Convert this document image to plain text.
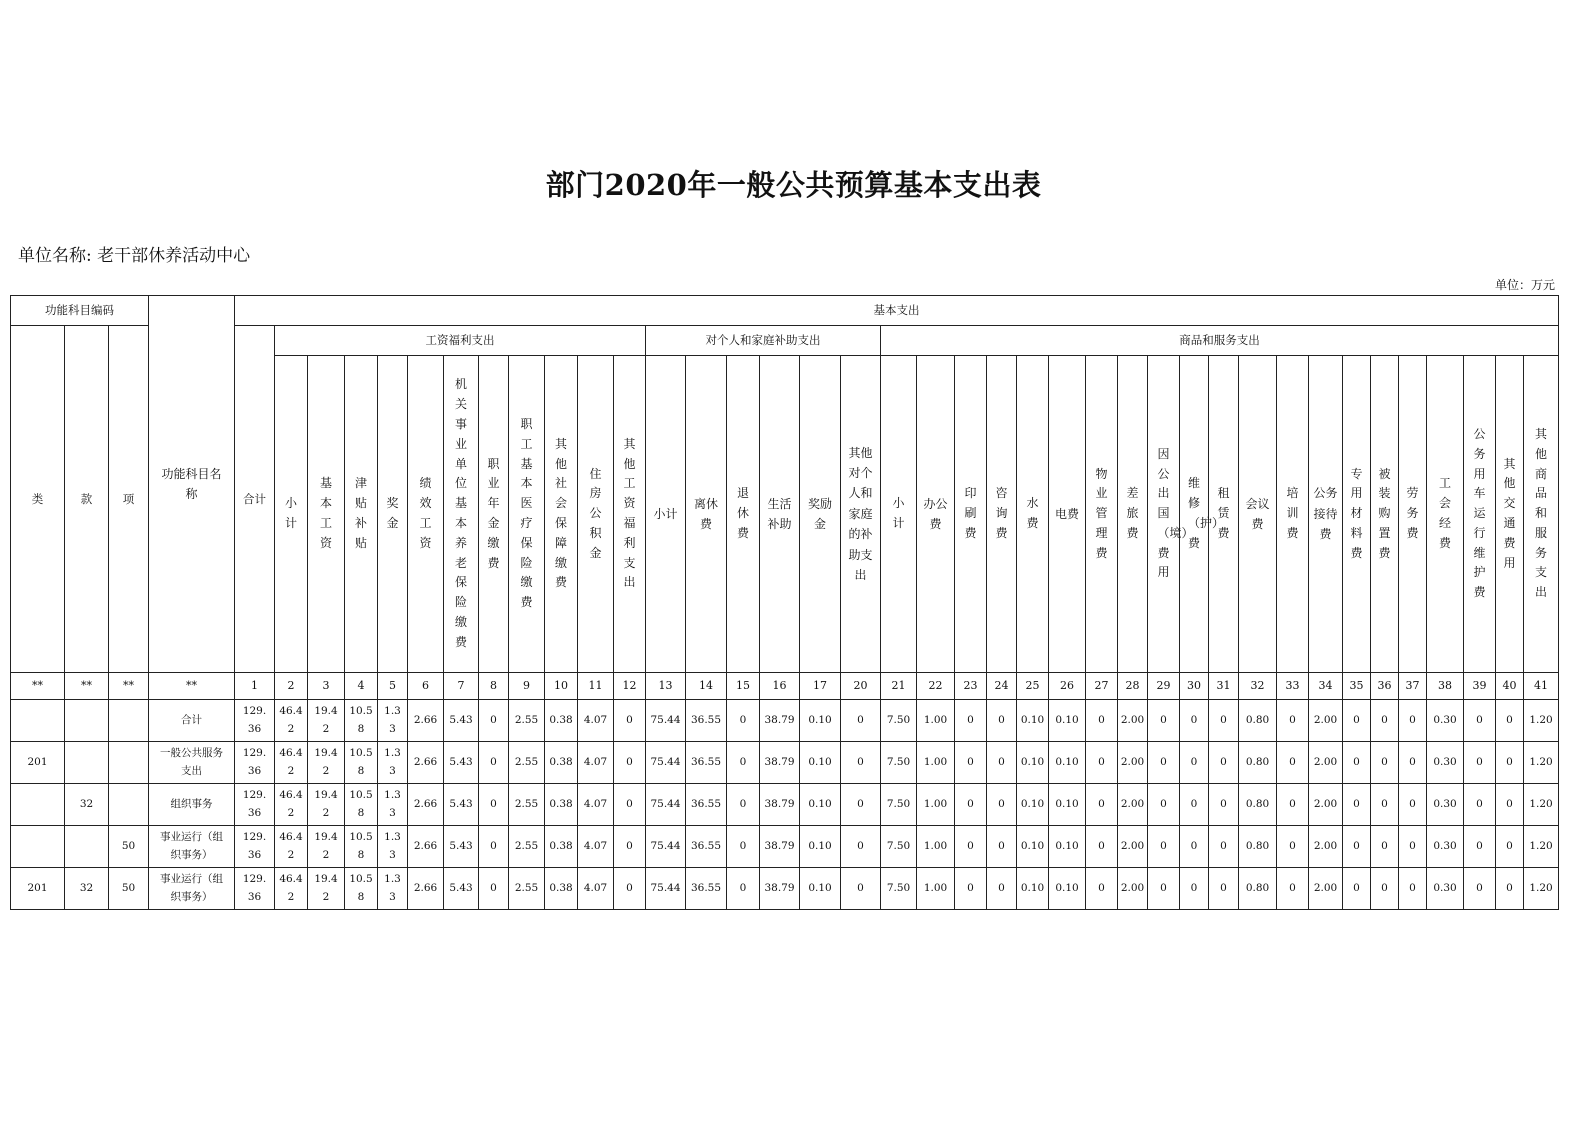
部门2020年一般公共预算基本支出表
单位名称: 老干部休养活动中心
单位：万元
功能科目编码			功能科目名称	基本支出																																						
类	款	项		合计	工资福利支出											对个人和家庭补助支出						商品和服务支出																				

					小计	基本工资	津贴补贴	奖金	绩效工资	机关事业单位基本养老保险缴费	职业年金缴费	职工基本医疗保险缴费	其他社会保障缴费	住房公积金	其他工资福利支出	小计	离休费	退休费	生活补助	奖励金	其他对个人和家庭的补助支出	小计	办公费	印刷费	咨询费	水费	电费	物业管理费	差旅费	因公出国（境）费用	维修（护）费	租赁费	会议费	培训费	公务接待费	专用材料费	被装购置费	劳务费	工会经费	公务用车运行维护费	其他交通费用	其他商品和服务支出

**	**	**	**	1	2	3	4	5	6	7	8	9	10	11	12	13	14	15	16	17	20	21	22	23	24	25	26	27	28	29	30	31	32	33	34	35	36	37	38	39	40	41

			合计	129.36	46.42	19.42	10.58	1.33	2.66	5.43	0	2.55	0.38	4.07	0	75.44	36.55	0	38.79	0.10	0	7.50	1.00	0	0	0.10	0.10	0	2.00	0	0	0	0.80	0	2.00	0	0	0	0.30	0	0	1.20
201			一般公共服务支出	129.36	46.42	19.42	10.58	1.33	2.66	5.43	0	2.55	0.38	4.07	0	75.44	36.55	0	38.79	0.10	0	7.50	1.00	0	0	0.10	0.10	0	2.00	0	0	0	0.80	0	2.00	0	0	0	0.30	0	0	1.20
	32		组织事务	129.36	46.42	19.42	10.58	1.33	2.66	5.43	0	2.55	0.38	4.07	0	75.44	36.55	0	38.79	0.10	0	7.50	1.00	0	0	0.10	0.10	0	2.00	0	0	0	0.80	0	2.00	0	0	0	0.30	0	0	1.20
		50	事业运行（组织事务）	129.36	46.42	19.42	10.58	1.33	2.66	5.43	0	2.55	0.38	4.07	0	75.44	36.55	0	38.79	0.10	0	7.50	1.00	0	0	0.10	0.10	0	2.00	0	0	0	0.80	0	2.00	0	0	0	0.30	0	0	1.20
201	32	50	事业运行（组织事务）	129.36	46.42	19.42	10.58	1.33	2.66	5.43	0	2.55	0.38	4.07	0	75.44	36.55	0	38.79	0.10	0	7.50	1.00	0	0	0.10	0.10	0	2.00	0	0	0	0.80	0	2.00	0	0	0	0.30	0	0	1.20
